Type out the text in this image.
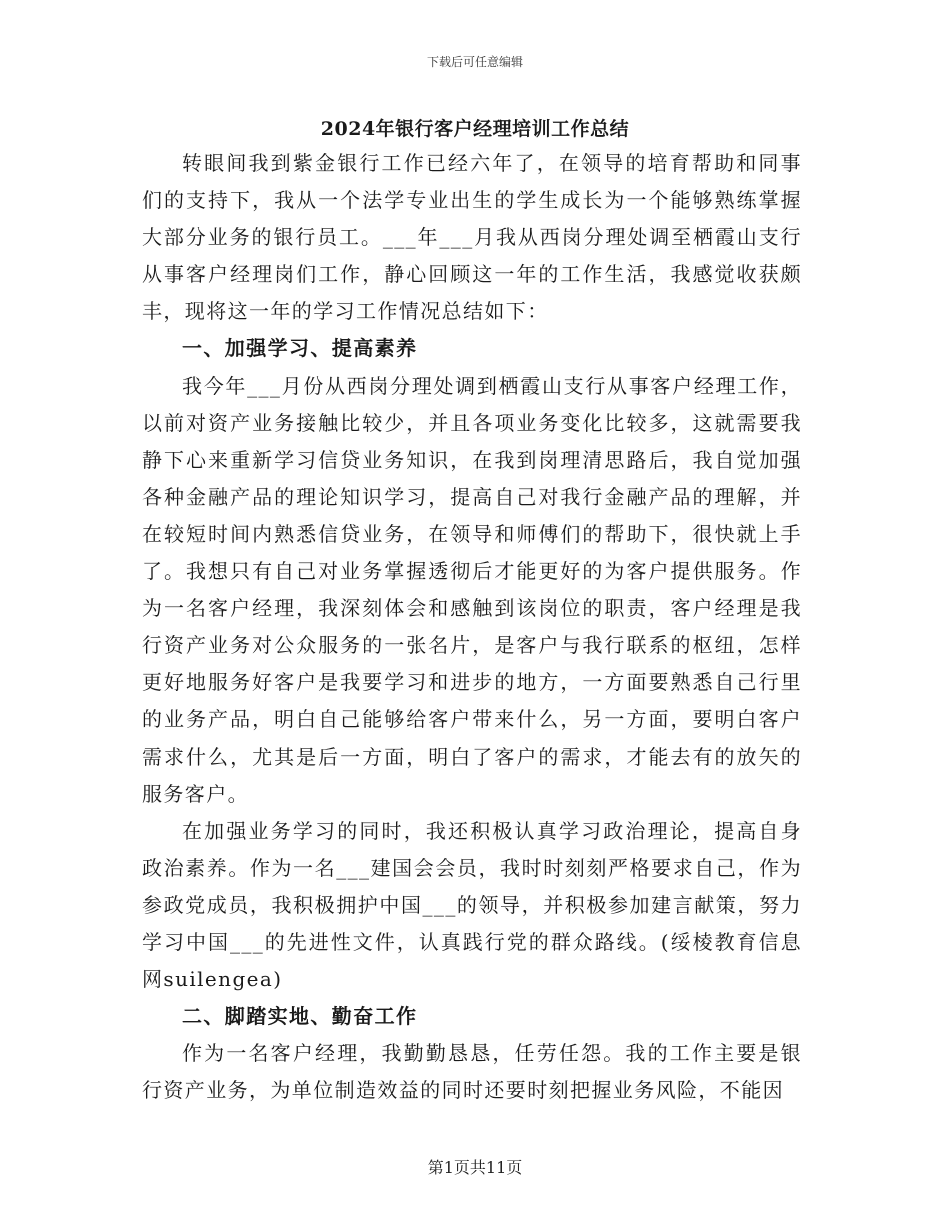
下载后可任意编辑
2024年银行客户经理培训工作总结

转眼间我到紫金银行工作已经六年了，在领导的培育帮助和同事们的支持下，我从一个法学专业出生的学生成长为一个能够熟练掌握大部分业务的银行员工。___年___月我从西岗分理处调至栖霞山支行从事客户经理岗们工作，静心回顾这一年的工作生活，我感觉收获颇丰，现将这一年的学习工作情况总结如下：

一、加强学习、提高素养

我今年___月份从西岗分理处调到栖霞山支行从事客户经理工作，以前对资产业务接触比较少，并且各项业务变化比较多，这就需要我静下心来重新学习信贷业务知识，在我到岗理清思路后，我自觉加强各种金融产品的理论知识学习，提高自己对我行金融产品的理解，并在较短时间内熟悉信贷业务，在领导和师傅们的帮助下，很快就上手了。我想只有自己对业务掌握透彻后才能更好的为客户提供服务。作为一名客户经理，我深刻体会和感触到该岗位的职责，客户经理是我行资产业务对公众服务的一张名片，是客户与我行联系的枢纽，怎样更好地服务好客户是我要学习和进步的地方，一方面要熟悉自己行里的业务产品，明白自己能够给客户带来什么，另一方面，要明白客户需求什么，尤其是后一方面，明白了客户的需求，才能去有的放矢的服务客户。

在加强业务学习的同时，我还积极认真学习政治理论，提高自身政治素养。作为一名___建国会会员，我时时刻刻严格要求自己，作为参政党成员，我积极拥护中国___的领导，并积极参加建言献策，努力学习中国___的先进性文件，认真践行党的群众路线。(绥棱教育信息网suilengea)

二、脚踏实地、勤奋工作

作为一名客户经理，我勤勤恳恳，任劳任怨。我的工作主要是银行资产业务，为单位制造效益的同时还要时刻把握业务风险，不能因

第1页共11页
